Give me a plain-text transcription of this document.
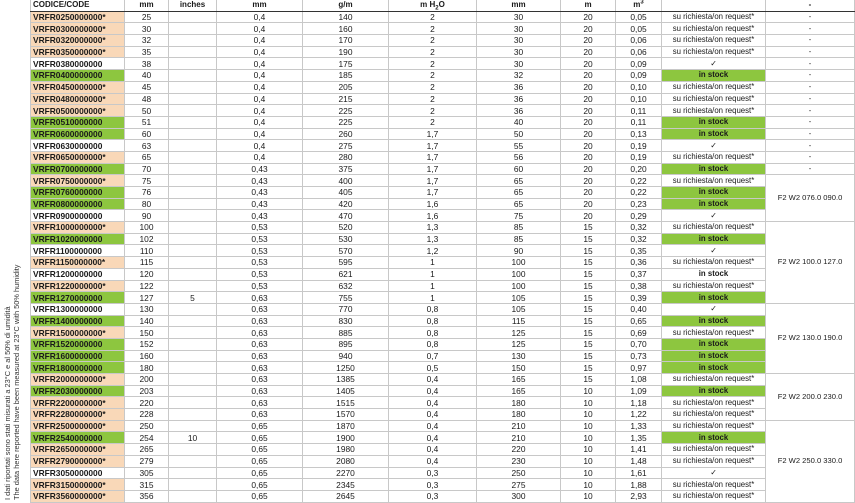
I dati riportati sono stati misurati a 23°C e al 50% di umidità The data here reported have been measured at 23°C with 50% humidity
CODICE/CODE	mm	inches	mm	g/m	m $H_2O$	mm	m	$m^3$		-
VRFR0250000000*	25		0,4	140	2	30	20	0,05	su richiesta/on request*	-
VRFR0300000000*	30		0,4	160	2	30	20	0,05	su richiesta/on request*	-
VRFR0320000000*	32		0,4	170	2	30	20	0,06	su richiesta/on request*	-
VRFR0350000000*	35		0,4	190	2	30	20	0,06	su richiesta/on request*	-
VRFR0380000000	38		0,4	175	2	30	20	0,09	✓	-
VRFR0400000000	40		0,4	185	2	32	20	0,09	in stock	-
VRFR0450000000*	45		0,4	205	2	36	20	0,10	su richiesta/on request*	-
VRFR0480000000*	48		0,4	215	2	36	20	0,10	su richiesta/on request*	-
VRFR0500000000*	50		0,4	225	2	36	20	0,11	su richiesta/on request*	-
VRFR0510000000	51		0,4	225	2	40	20	0,11	in stock	-
VRFR0600000000	60		0,4	260	1,7	50	20	0,13	in stock	-
VRFR0630000000	63		0,4	275	1,7	55	20	0,19	✓	-
VRFR0650000000*	65		0,4	280	1,7	56	20	0,19	su richiesta/on request*	-
VRFR0700000000	70		0,43	375	1,7	60	20	0,20	in stock	-
VRFR0750000000*	75		0,43	400	1,7	65	20	0,22	su richiesta/on request*	F2 W2 076.0 090.0
VRFR0760000000	76		0,43	405	1,7	65	20	0,22	in stock	
VRFR0800000000	80		0,43	420	1,6	65	20	0,23	in stock	
VRFR0900000000	90		0,43	470	1,6	75	20	0,29	✓	
VRFR1000000000*	100		0,53	520	1,3	85	15	0,32	su richiesta/on request*	F2 W2 100.0 127.0
VRFR1020000000	102		0,53	530	1,3	85	15	0,32	in stock	
VRFR1100000000	110		0,53	570	1,2	90	15	0,35	✓	
VRFR1150000000*	115		0,53	595	1	100	15	0,36	su richiesta/on request*	
VRFR1200000000	120		0,53	621	1	100	15	0,37	in stock	
VRFR1220000000*	122		0,53	632	1	100	15	0,38	su richiesta/on request*	
VRFR1270000000	127	5	0,63	755	1	105	15	0,39	in stock	
VRFR1300000000	130		0,63	770	0,8	105	15	0,40	✓	F2 W2 130.0 190.0
VRFR1400000000	140		0,63	830	0,8	115	15	0,65	in stock	
VRFR1500000000*	150		0,63	885	0,8	125	15	0,69	su richiesta/on request*	
VRFR1520000000	152		0,63	895	0,8	125	15	0,70	in stock	
VRFR1600000000	160		0,63	940	0,7	130	15	0,73	in stock	
VRFR1800000000	180		0,63	1250	0,5	150	15	0,97	in stock	
VRFR2000000000*	200		0,63	1385	0,4	165	15	1,08	su richiesta/on request*	F2 W2 200.0 230.0
VRFR2030000000	203		0,63	1405	0,4	165	10	1,09	in stock	
VRFR2200000000*	220		0,63	1515	0,4	180	10	1,18	su richiesta/on request*	
VRFR2280000000*	228		0,63	1570	0,4	180	10	1,22	su richiesta/on request*	
VRFR2500000000*	250		0,65	1870	0,4	210	10	1,33	su richiesta/on request*	F2 W2 250.0 330.0
VRFR2540000000	254	10	0,65	1900	0,4	210	10	1,35	in stock	
VRFR2650000000*	265		0,65	1980	0,4	220	10	1,41	su richiesta/on request*	
VRFR2790000000*	279		0,65	2080	0,4	230	10	1,48	su richiesta/on request*	
VRFR3050000000	305		0,65	2270	0,3	250	10	1,61	✓	
VRFR3150000000*	315		0,65	2345	0,3	275	10	1,88	su richiesta/on request*	
VRFR3560000000*	356		0,65	2645	0,3	300	10	2,93	su richiesta/on request*	
